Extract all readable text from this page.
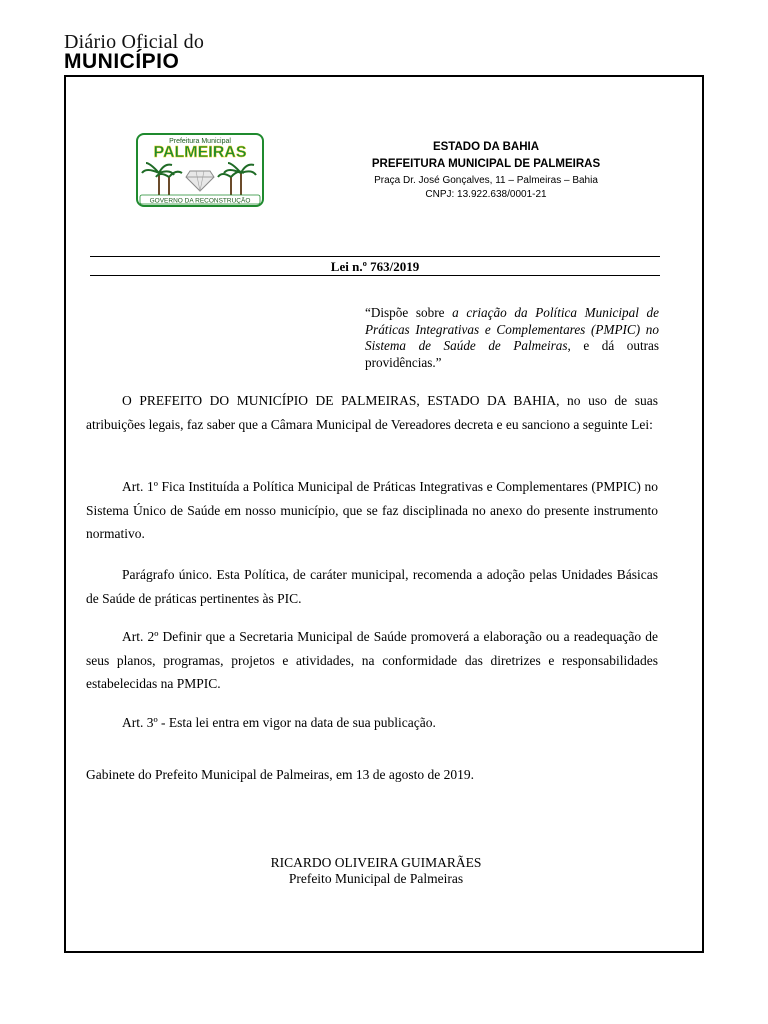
Diário Oficial do
MUNICÍPIO
Prefeitura Municipal
PALMEIRAS
GOVERNO DA RECONSTRUÇÃO
ESTADO DA BAHIA
PREFEITURA MUNICIPAL DE PALMEIRAS
Praça Dr. José Gonçalves, 11 – Palmeiras – Bahia
CNPJ: 13.922.638/0001-21
Lei n.º 763/2019
“Dispõe sobre a criação da Política Municipal de Práticas Integrativas e Complementares (PMPIC) no Sistema de Saúde de Palmeiras, e dá outras providências.”

O PREFEITO DO MUNICÍPIO DE PALMEIRAS, ESTADO DA BAHIA, no uso de suas atribuições legais, faz saber que a Câmara Municipal de Vereadores decreta e eu sanciono a seguinte Lei:

Art. 1º Fica Instituída a Política Municipal de Práticas Integrativas e Complementares (PMPIC) no Sistema Único de Saúde em nosso município, que se faz disciplinada no anexo do presente instrumento normativo.

Parágrafo único. Esta Política, de caráter municipal, recomenda a adoção pelas Unidades Básicas de Saúde de práticas pertinentes às PIC.

Art. 2º Definir que a Secretaria Municipal de Saúde promoverá a elaboração ou a readequação de seus planos, programas, projetos e atividades, na conformidade das diretrizes e responsabilidades estabelecidas na PMPIC.

Art. 3º - Esta lei entra em vigor na data de sua publicação.

Gabinete do Prefeito Municipal de Palmeiras, em 13 de agosto de 2019.

RICARDO OLIVEIRA GUIMARÃES
Prefeito Municipal de Palmeiras
